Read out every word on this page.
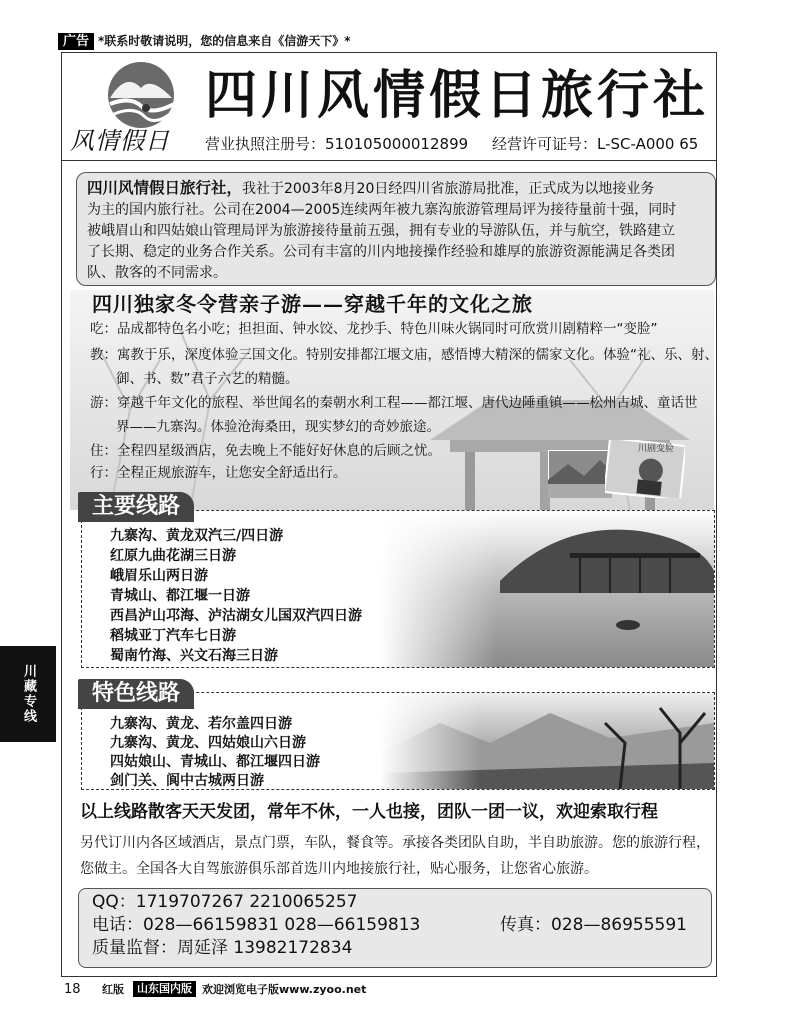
广告 *联系时敬请说明，您的信息来自《信游天下》*
风情假日
四川风情假日旅行社
营业执照注册号：510105000012899 经营许可证号：L-SC-A000 65
四川风情假日旅行社，我社于2003年8月20日经四川省旅游局批准，正式成为以地接业务
为主的国内旅行社。公司在2004—2005连续两年被九寨沟旅游管理局评为接待量前十强，同时
被峨眉山和四姑娘山管理局评为旅游接待量前五强，拥有专业的导游队伍，并与航空，铁路建立
了长期、稳定的业务合作关系。公司有丰富的川内地接操作经验和雄厚的旅游资源能满足各类团
队、散客的不同需求。
川剧变脸
四川独家冬令营亲子游——穿越千年的文化之旅
吃：品成都特色名小吃；担担面、钟水饺、龙抄手、特色川味火锅同时可欣赏川剧精粹一“变脸”
教：寓教于乐，深度体验三国文化。特别安排都江堰文庙，感悟博大精深的儒家文化。体验“礼、乐、射、
御、书、数”君子六艺的精髓。
游：穿越千年文化的旅程、举世闻名的秦朝水利工程——都江堰、唐代边陲重镇——松州古城、童话世
界——九寨沟。体验沧海桑田，现实梦幻的奇妙旅途。
住：全程四星级酒店，免去晚上不能好好休息的后顾之忧。
行：全程正规旅游车，让您安全舒适出行。
主要线路
九寨沟、黄龙双汽三/四日游
红原九曲花湖三日游
峨眉乐山两日游
青城山、都江堰一日游
西昌泸山邛海、泸沽湖女儿国双汽四日游
稻城亚丁汽车七日游
蜀南竹海、兴文石海三日游
特色线路
九寨沟、黄龙、若尔盖四日游
九寨沟、黄龙、四姑娘山六日游
四姑娘山、青城山、都江堰四日游
剑门关、阆中古城两日游
川藏专线
以上线路散客天天发团，常年不休，一人也接，团队一团一议，欢迎索取行程
另代订川内各区域酒店，景点门票，车队，餐食等。承接各类团队自助，半自助旅游。您的旅游行程，
您做主。全国各大自驾旅游俱乐部首选川内地接旅行社，贴心服务，让您省心旅游。
QQ：1719707267 2210065257
电话：028—66159831 028—66159813	传真：028—86955591
质量监督：周延泽 13982172834
18 红版	山东国内版 欢迎浏览电子版www.zyoo.net
